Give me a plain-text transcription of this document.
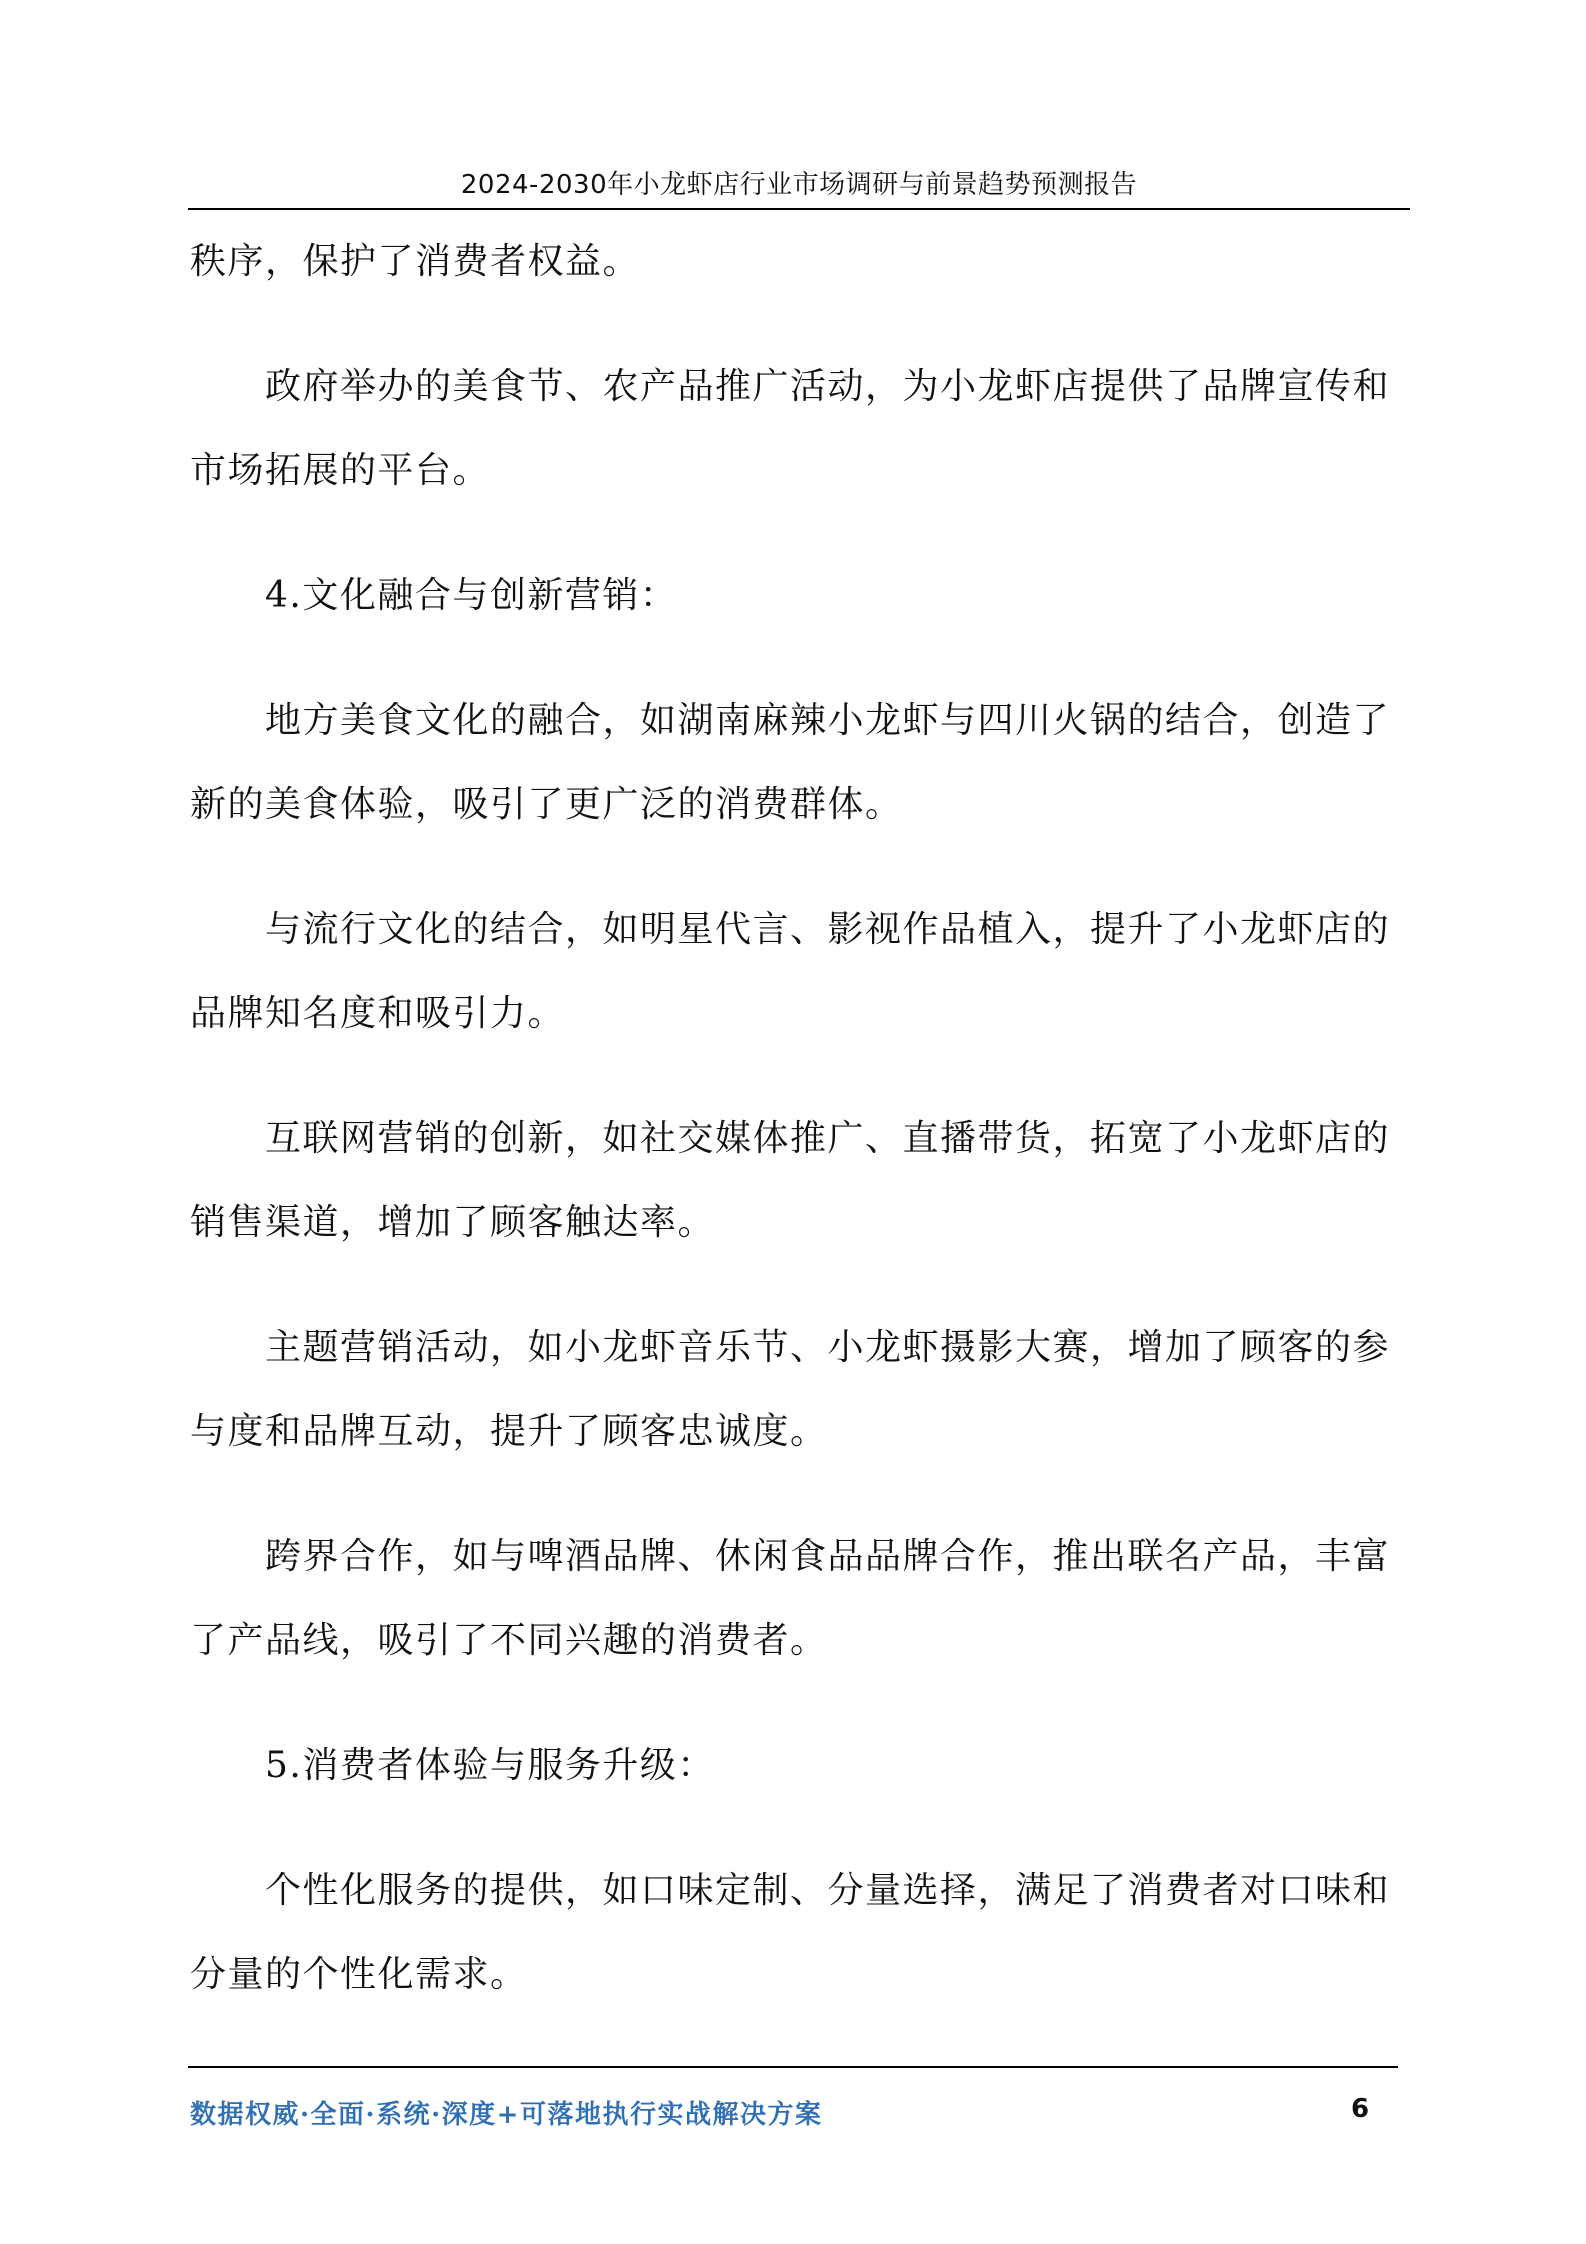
2024-2030年小龙虾店行业市场调研与前景趋势预测报告

秩序，保护了消费者权益。

政府举办的美食节、农产品推广活动，为小龙虾店提供了品牌宣传和市场拓展的平台。

4.文化融合与创新营销：

地方美食文化的融合，如湖南麻辣小龙虾与四川火锅的结合，创造了新的美食体验，吸引了更广泛的消费群体。

与流行文化的结合，如明星代言、影视作品植入，提升了小龙虾店的品牌知名度和吸引力。

互联网营销的创新，如社交媒体推广、直播带货，拓宽了小龙虾店的销售渠道，增加了顾客触达率。

主题营销活动，如小龙虾音乐节、小龙虾摄影大赛，增加了顾客的参与度和品牌互动，提升了顾客忠诚度。

跨界合作，如与啤酒品牌、休闲食品品牌合作，推出联名产品，丰富了产品线，吸引了不同兴趣的消费者。

5.消费者体验与服务升级：

个性化服务的提供，如口味定制、分量选择，满足了消费者对口味和分量的个性化需求。

数据权威·全面·系统·深度+可落地执行实战解决方案	6
